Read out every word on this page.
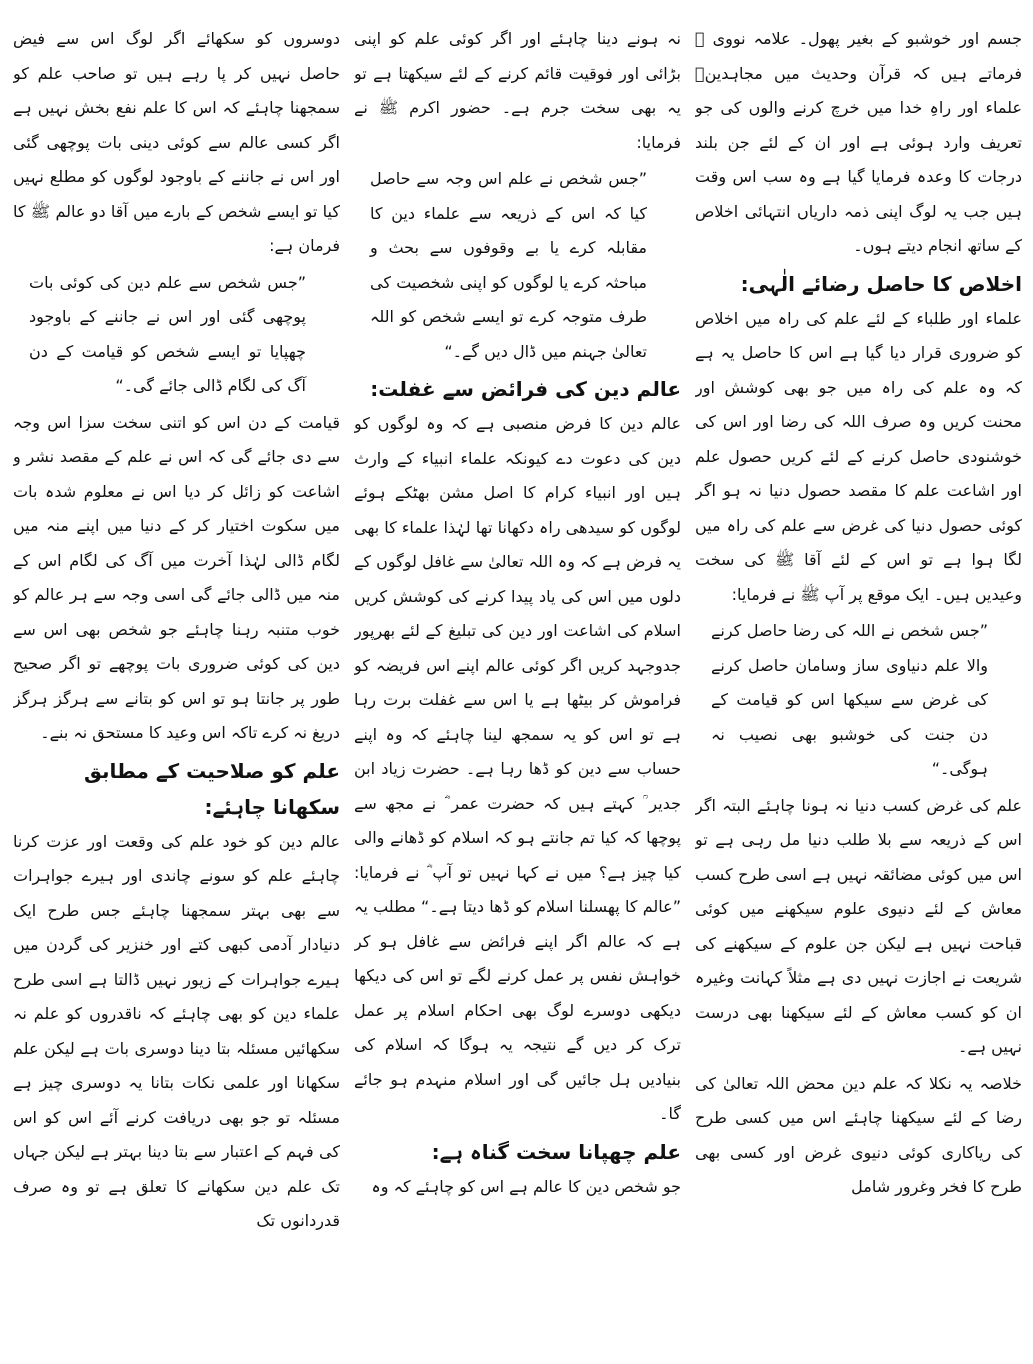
جسم اور خوشبو کے بغیر پھول۔ علامہ نووی ؒ فرماتے ہیں کہ قرآن وحدیث میں مجاہدینؑ علماء اور راہِ خدا میں خرچ کرنے والوں کی جو تعریف وارد ہوئی ہے اور ان کے لئے جن بلند درجات کا وعدہ فرمایا گیا ہے وہ سب اس وقت ہیں جب یہ لوگ اپنی ذمہ داریاں انتہائی اخلاص کے ساتھ انجام دیتے ہوں۔

اخلاص کا حاصل رضائے الٰہی:

علماء اور طلباء کے لئے علم کی راہ میں اخلاص کو ضروری قرار دیا گیا ہے اس کا حاصل یہ ہے کہ وہ علم کی راہ میں جو بھی کوشش اور محنت کریں وہ صرف اللہ کی رضا اور اس کی خوشنودی حاصل کرنے کے لئے کریں حصول علم اور اشاعت علم کا مقصد حصول دنیا نہ ہو اگر کوئی حصول دنیا کی غرض سے علم کی راہ میں لگا ہوا ہے تو اس کے لئے آقا ﷺ کی سخت وعیدیں ہیں۔ ایک موقع پر آپ ﷺ نے فرمایا:

”جس شخص نے اللہ کی رضا حاصل کرنے والا علم دنیاوی ساز وسامان حاصل کرنے کی غرض سے سیکھا اس کو قیامت کے دن جنت کی خوشبو بھی نصیب نہ ہوگی۔“

علم کی غرض کسب دنیا نہ ہونا چاہئے البتہ اگر اس کے ذریعہ سے بلا طلب دنیا مل رہی ہے تو اس میں کوئی مضائقہ نہیں ہے اسی طرح کسب معاش کے لئے دنیوی علوم سیکھنے میں کوئی قباحت نہیں ہے لیکن جن علوم کے سیکھنے کی شریعت نے اجازت نہیں دی ہے مثلاً کہانت وغیرہ ان کو کسب معاش کے لئے سیکھنا بھی درست نہیں ہے۔

خلاصہ یہ نکلا کہ علم دین محض اللہ تعالیٰ کی رضا کے لئے سیکھنا چاہئے اس میں کسی طرح کی ریاکاری کوئی دنیوی غرض اور کسی بھی طرح کا فخر وغرور شامل

نہ ہونے دینا چاہئے اور اگر کوئی علم کو اپنی بڑائی اور فوقیت قائم کرنے کے لئے سیکھتا ہے تو یہ بھی سخت جرم ہے۔ حضور اکرم ﷺ نے فرمایا:

”جس شخص نے علم اس وجہ سے حاصل کیا کہ اس کے ذریعہ سے علماء دین کا مقابلہ کرے یا بے وقوفوں سے بحث و مباحثہ کرے یا لوگوں کو اپنی شخصیت کی طرف متوجہ کرے تو ایسے شخص کو اللہ تعالیٰ جہنم میں ڈال دیں گے۔“

عالم دین کی فرائض سے غفلت:

عالم دین کا فرض منصبی ہے کہ وہ لوگوں کو دین کی دعوت دے کیونکہ علماء انبیاء کے وارث ہیں اور انبیاء کرام کا اصل مشن بھٹکے ہوئے لوگوں کو سیدھی راہ دکھانا تھا لہٰذا علماء کا بھی یہ فرض ہے کہ وہ اللہ تعالیٰ سے غافل لوگوں کے دلوں میں اس کی یاد پیدا کرنے کی کوشش کریں اسلام کی اشاعت اور دین کی تبلیغ کے لئے بھرپور جدوجہد کریں اگر کوئی عالم اپنے اس فریضہ کو فراموش کر بیٹھا ہے یا اس سے غفلت برت رہا ہے تو اس کو یہ سمجھ لینا چاہئے کہ وہ اپنے حساب سے دین کو ڈھا رہا ہے۔ حضرت زیاد ابن جدیر ؒ کہتے ہیں کہ حضرت عمر ؓ نے مجھ سے پوچھا کہ کیا تم جانتے ہو کہ اسلام کو ڈھانے والی کیا چیز ہے؟ میں نے کہا نہیں تو آپ ؓ نے فرمایا: ”عالم کا پھسلنا اسلام کو ڈھا دیتا ہے۔“ مطلب یہ ہے کہ عالم اگر اپنے فرائض سے غافل ہو کر خواہش نفس پر عمل کرنے لگے تو اس کی دیکھا دیکھی دوسرے لوگ بھی احکام اسلام پر عمل ترک کر دیں گے نتیجہ یہ ہوگا کہ اسلام کی بنیادیں ہل جائیں گی اور اسلام منہدم ہو جائے گا۔

علم چھپانا سخت گناہ ہے:

جو شخص دین کا عالم ہے اس کو چاہئے کہ وہ

دوسروں کو سکھائے اگر لوگ اس سے فیض حاصل نہیں کر پا رہے ہیں تو صاحب علم کو سمجھنا چاہئے کہ اس کا علم نفع بخش نہیں ہے اگر کسی عالم سے کوئی دینی بات پوچھی گئی اور اس نے جاننے کے باوجود لوگوں کو مطلع نہیں کیا تو ایسے شخص کے بارے میں آقا دو عالم ﷺ کا فرمان ہے:

”جس شخص سے علم دین کی کوئی بات پوچھی گئی اور اس نے جاننے کے باوجود چھپایا تو ایسے شخص کو قیامت کے دن آگ کی لگام ڈالی جائے گی۔“

قیامت کے دن اس کو اتنی سخت سزا اس وجہ سے دی جائے گی کہ اس نے علم کے مقصد نشر و اشاعت کو زائل کر دیا اس نے معلوم شدہ بات میں سکوت اختیار کر کے دنیا میں اپنے منہ میں لگام ڈالی لہٰذا آخرت میں آگ کی لگام اس کے منہ میں ڈالی جائے گی اسی وجہ سے ہر عالم کو خوب متنبہ رہنا چاہئے جو شخص بھی اس سے دین کی کوئی ضروری بات پوچھے تو اگر صحیح طور پر جانتا ہو تو اس کو بتانے سے ہرگز ہرگز دریغ نہ کرے تاکہ اس وعید کا مستحق نہ بنے۔

علم کو صلاحیت کے مطابق سکھانا چاہئے:

عالم دین کو خود علم کی وقعت اور عزت کرنا چاہئے علم کو سونے چاندی اور ہیرے جواہرات سے بھی بہتر سمجھنا چاہئے جس طرح ایک دنیادار آدمی کبھی کتے اور خنزیر کی گردن میں ہیرے جواہرات کے زیور نہیں ڈالتا ہے اسی طرح علماء دین کو بھی چاہئے کہ ناقدروں کو علم نہ سکھائیں مسئلہ بتا دینا دوسری بات ہے لیکن علم سکھانا اور علمی نکات بتانا یہ دوسری چیز ہے مسئلہ تو جو بھی دریافت کرنے آئے اس کو اس کی فہم کے اعتبار سے بتا دینا بہتر ہے لیکن جہاں تک علم دین سکھانے کا تعلق ہے تو وہ صرف قدردانوں تک
